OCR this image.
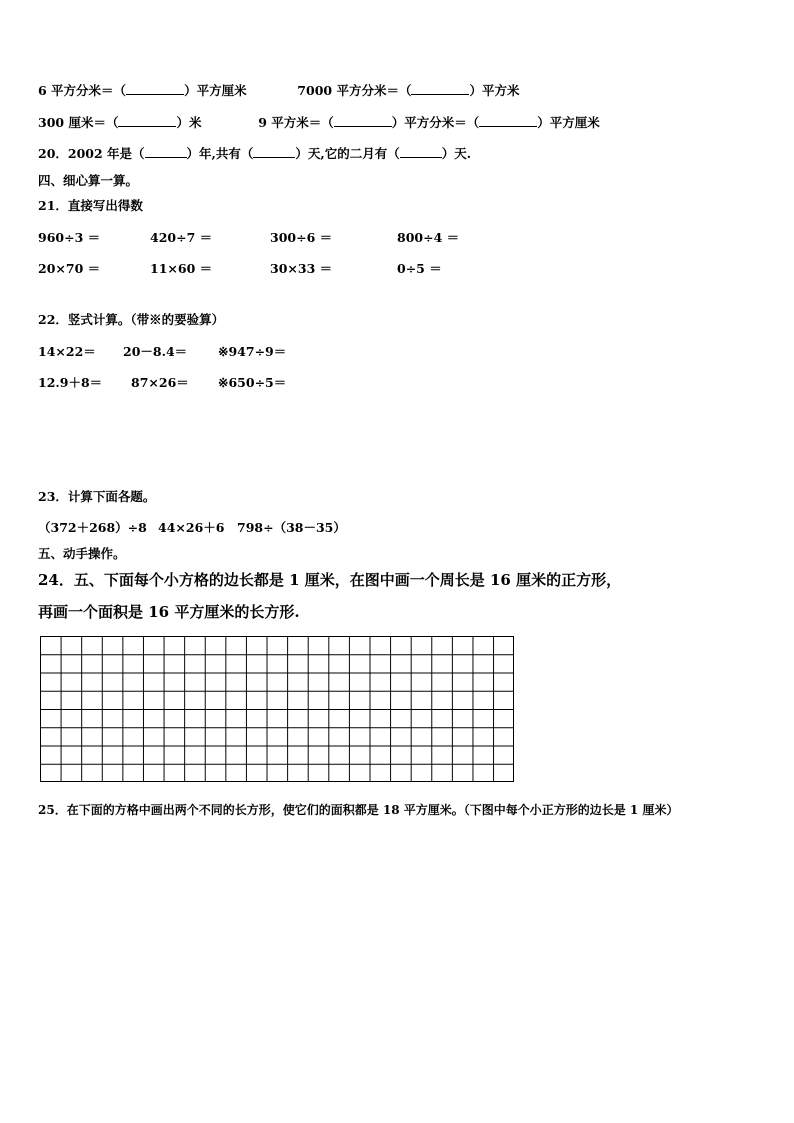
6 平方分米＝（	）平方厘米	7000 平方分米＝（	）平方米
300 厘米＝（	）米	9 平方米＝（	）平方分米＝（	）平方厘米
20．2002 年是（	）年,共有（	）天,它的二月有（	）天.
四、细心算一算。
21．直接写出得数
960÷3 ＝	420÷7 ＝	300÷6 ＝	800÷4 ＝
20×70 ＝	11×60 ＝	30×33 ＝	0÷5 ＝
22．竖式计算。（带※的要验算）
14×22＝ 20－8.4＝ ※947÷9＝
12.9＋8＝ 87×26＝ ※650÷5＝
23．计算下面各题。
（372＋268）÷8 44×26＋6 798÷（38－35）
五、动手操作。
24．五、下面每个小方格的边长都是 1 厘米，在图中画一个周长是 16 厘米的正方形，
再画一个面积是 16 平方厘米的长方形.
25．在下面的方格中画出两个不同的长方形，使它们的面积都是 18 平方厘米。（下图中每个小正方形的边长是 1 厘米）
